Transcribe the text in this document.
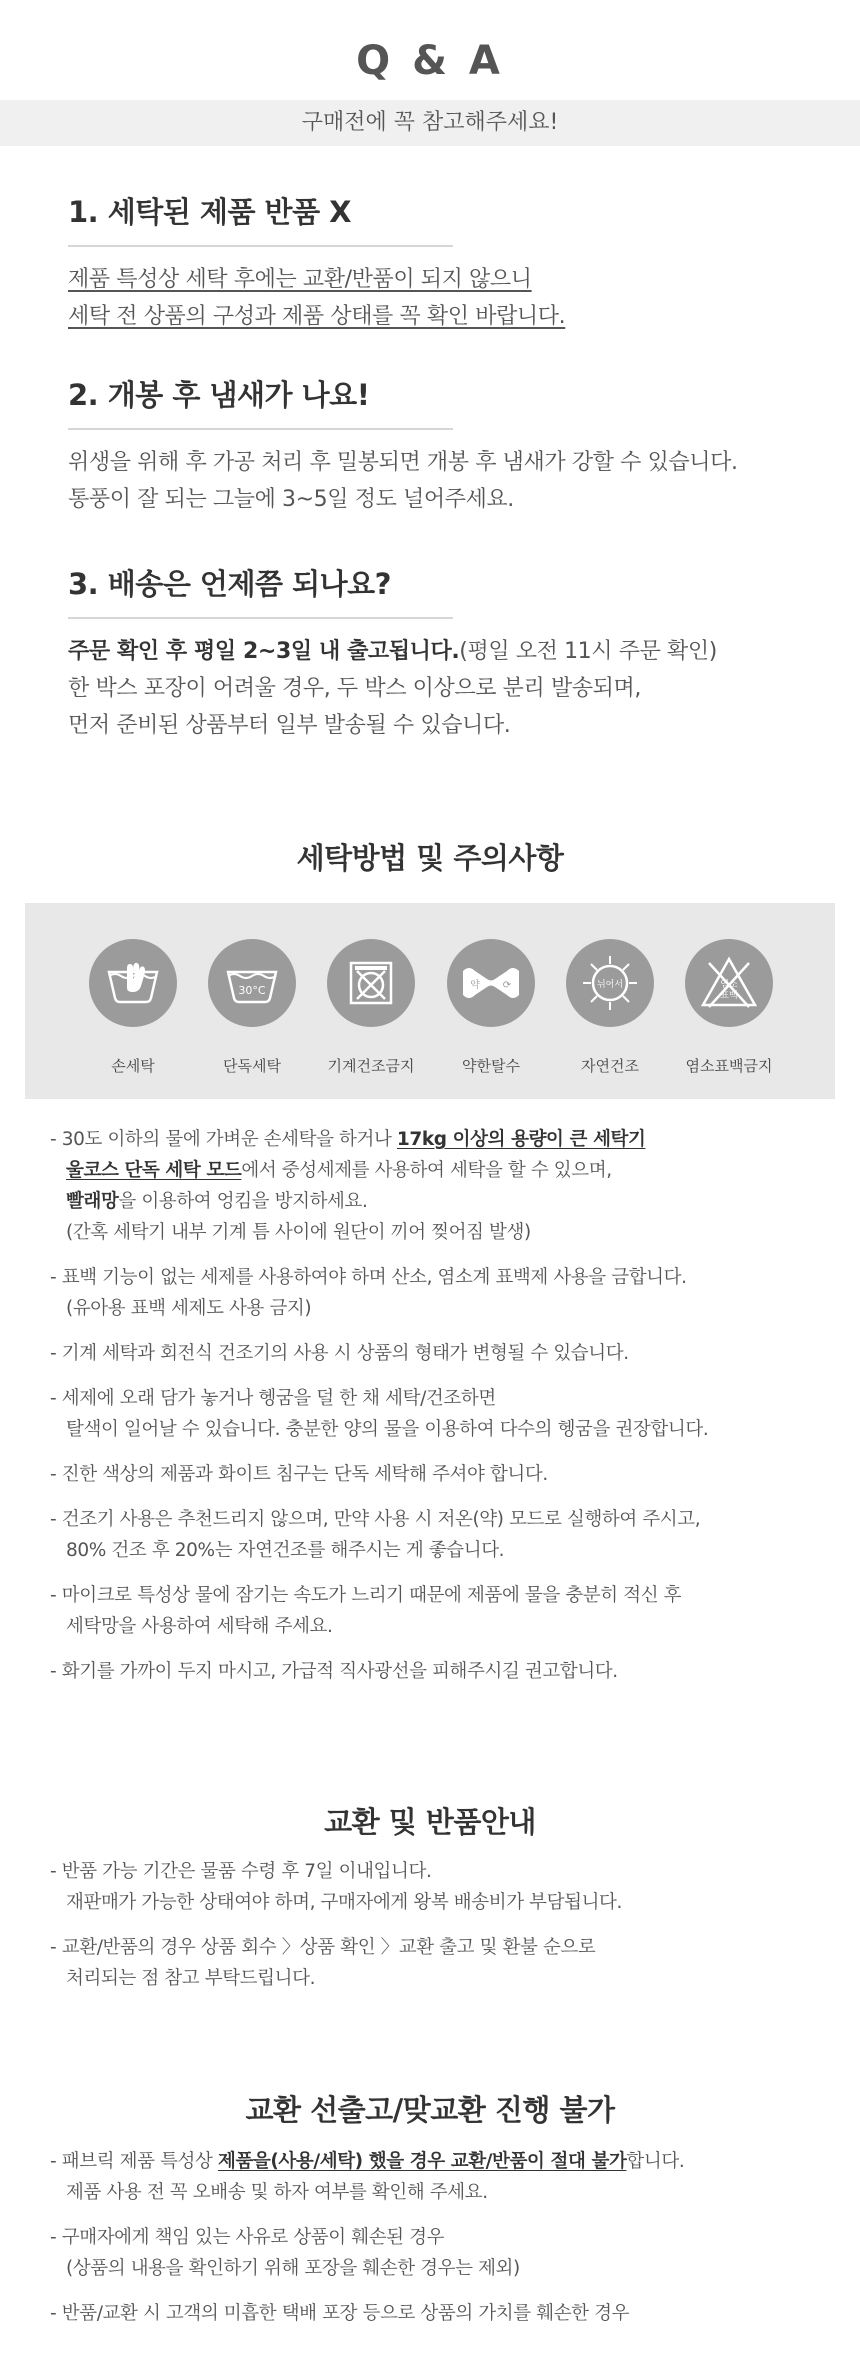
Q & A
구매전에 꼭 참고해주세요!
1. 세탁된 제품 반품 X

제품 특성상 세탁 후에는 교환/반품이 되지 않으니

세탁 전 상품의 구성과 제품 상태를 꼭 확인 바랍니다.

2. 개봉 후 냄새가 나요!

위생을 위해 후 가공 처리 후 밀봉되면 개봉 후 냄새가 강할 수 있습니다.

통풍이 잘 되는 그늘에 3~5일 정도 널어주세요.

3. 배송은 언제쯤 되나요?

주문 확인 후 평일 2~3일 내 출고됩니다.(평일 오전 11시 주문 확인)

한 박스 포장이 어려울 경우, 두 박스 이상으로 분리 발송되며,

먼저 준비된 상품부터 일부 발송될 수 있습니다.

세탁방법 및 주의사항
손세탁
30°C
단독세탁	기계건조금지
약 ⟳
약한탈수
뉘어서
자연건조
염소
표백
염소표백금지

- 30도 이하의 물에 가벼운 손세탁을 하거나 17kg 이상의 용량이 큰 세탁기

울코스 단독 세탁 모드에서 중성세제를 사용하여 세탁을 할 수 있으며,

빨래망을 이용하여 엉킴을 방지하세요.

(간혹 세탁기 내부 기계 틈 사이에 원단이 끼어 찢어짐 발생)

- 표백 기능이 없는 세제를 사용하여야 하며 산소, 염소계 표백제 사용을 금합니다.

(유아용 표백 세제도 사용 금지)

- 기계 세탁과 회전식 건조기의 사용 시 상품의 형태가 변형될 수 있습니다.

- 세제에 오래 담가 놓거나 헹굼을 덜 한 채 세탁/건조하면

탈색이 일어날 수 있습니다. 충분한 양의 물을 이용하여 다수의 헹굼을 권장합니다.

- 진한 색상의 제품과 화이트 침구는 단독 세탁해 주셔야 합니다.

- 건조기 사용은 추천드리지 않으며, 만약 사용 시 저온(약) 모드로 실행하여 주시고,

80% 건조 후 20%는 자연건조를 해주시는 게 좋습니다.

- 마이크로 특성상 물에 잠기는 속도가 느리기 때문에 제품에 물을 충분히 적신 후

세탁망을 사용하여 세탁해 주세요.

- 화기를 가까이 두지 마시고, 가급적 직사광선을 피해주시길 권고합니다.

교환 및 반품안내

- 반품 가능 기간은 물품 수령 후 7일 이내입니다.

재판매가 가능한 상태여야 하며, 구매자에게 왕복 배송비가 부담됩니다.

- 교환/반품의 경우 상품 회수 〉상품 확인 〉교환 출고 및 환불 순으로

처리되는 점 참고 부탁드립니다.

교환 선출고/맞교환 진행 불가

- 패브릭 제품 특성상 제품을(사용/세탁) 했을 경우 교환/반품이 절대 불가합니다.

제품 사용 전 꼭 오배송 및 하자 여부를 확인해 주세요.

- 구매자에게 책임 있는 사유로 상품이 훼손된 경우

(상품의 내용을 확인하기 위해 포장을 훼손한 경우는 제외)

- 반품/교환 시 고객의 미흡한 택배 포장 등으로 상품의 가치를 훼손한 경우
